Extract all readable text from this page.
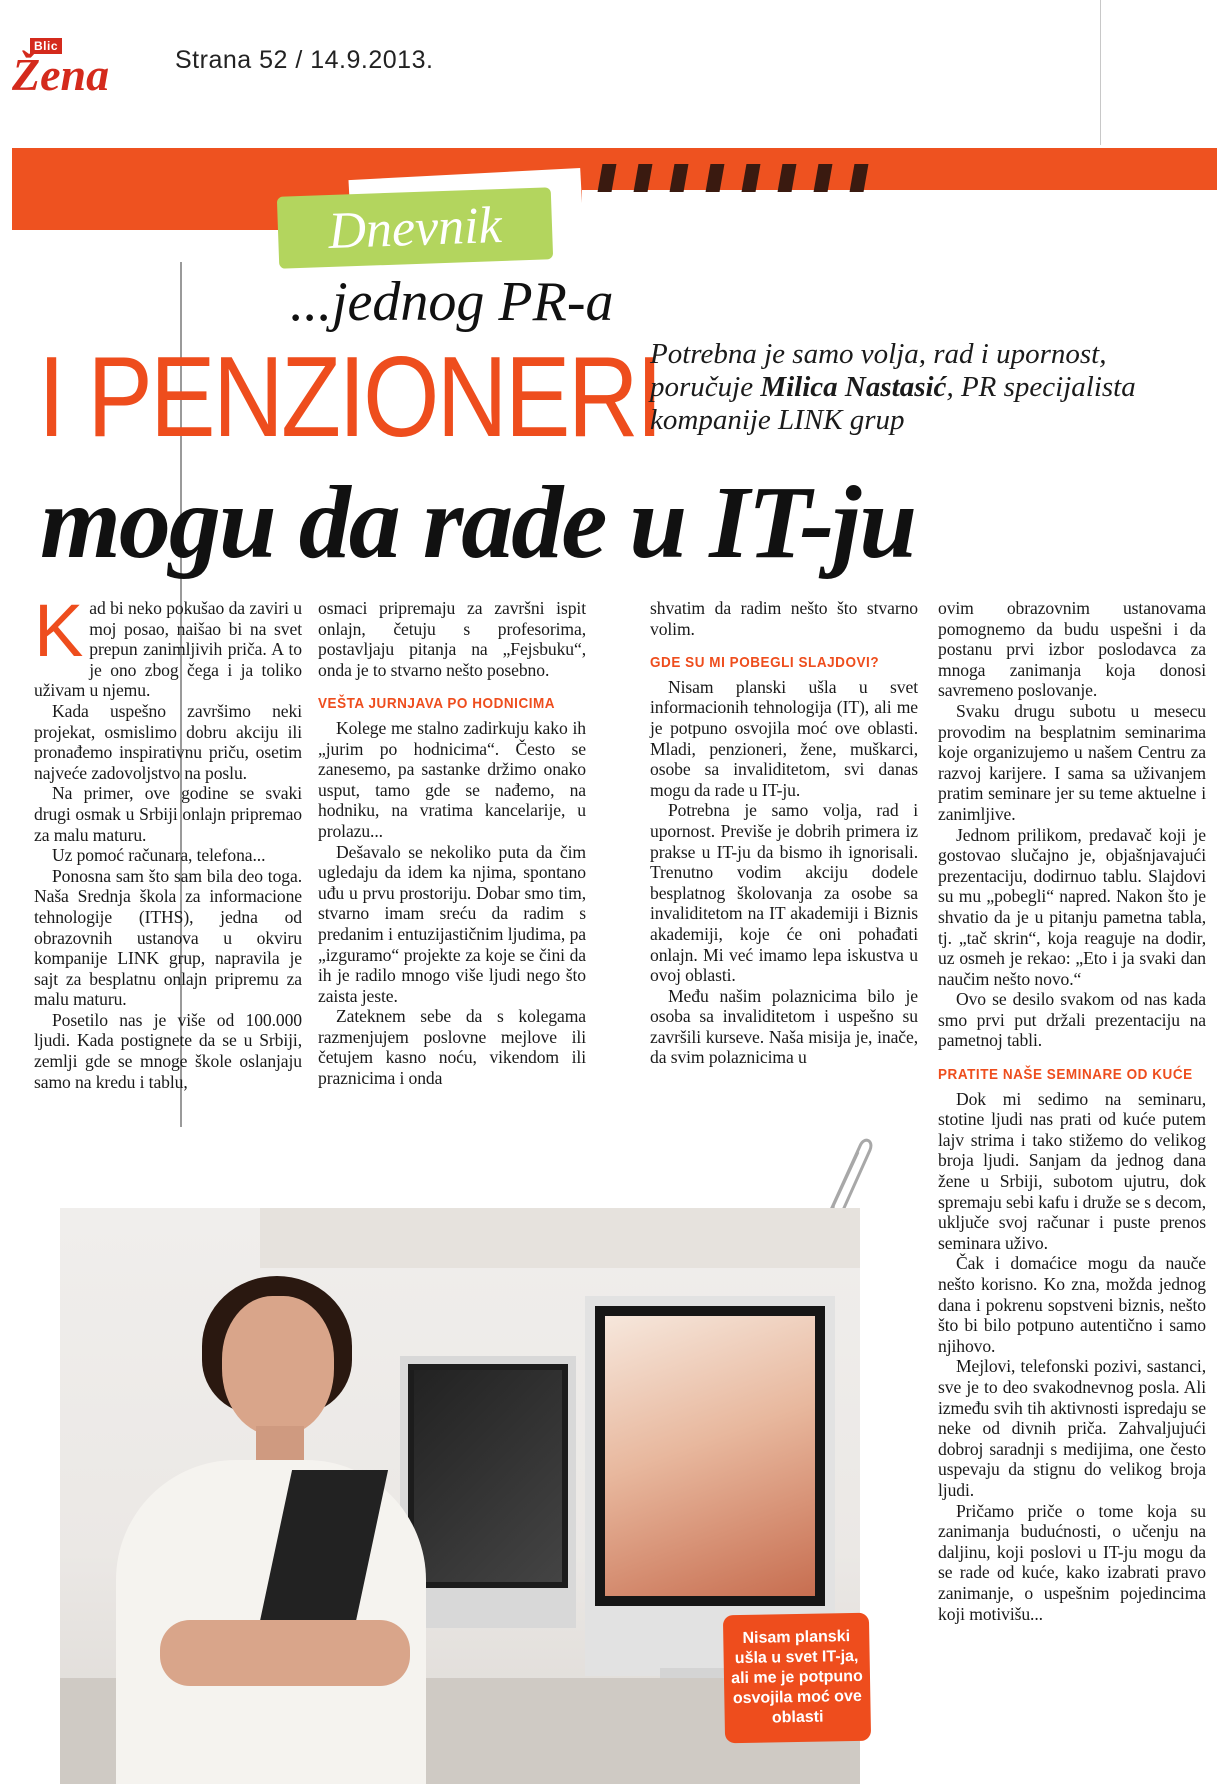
Blic
Žena	Strana 52 / 14.9.2013.
Dnevnik
...jednog PR-a
I PENZIONERI
mogu da rade u IT-ju
Potrebna je samo volja, rad i upornost, poručuje Milica Nastasić, PR specijalista kompanije LINK grup

Kad bi neko pokušao da zaviri u moj posao, naišao bi na svet prepun zanimljivih priča. A to je ono zbog čega i ja toliko uživam u njemu.

Kada uspešno završimo neki projekat, osmislimo dobru akciju ili pronađemo inspirativnu priču, osetim najveće zadovoljstvo na poslu.

Na primer, ove godine se svaki drugi osmak u Srbiji onlajn pripremao za malu maturu.

Uz pomoć računara, telefona...

Ponosna sam što sam bila deo toga. Naša Srednja škola za informacione tehnologije (ITHS), jedna od obrazovnih ustanova u okviru kompanije LINK grup, napravila je sajt za besplatnu onlajn pripremu za malu maturu.

Posetilo nas je više od 100.000 ljudi. Kada postignete da se u Srbiji, zemlji gde se mnoge škole oslanjaju samo na kredu i tablu,

osmaci pripremaju za završni ispit onlajn, četuju s profesorima, postavljaju pitanja na „Fejsbuku“, onda je to stvarno nešto posebno.

VEŠTA JURNJAVA PO HODNICIMA

Kolege me stalno zadirkuju kako ih „jurim po hodnicima“. Često se zanesemo, pa sastanke držimo onako usput, tamo gde se nađemo, na hodniku, na vratima kancelarije, u prolazu...

Dešavalo se nekoliko puta da čim ugledaju da idem ka njima, spontano uđu u prvu prostoriju. Dobar smo tim, stvarno imam sreću da radim s predanim i entuzijastičnim ljudima, pa „izguramo“ projekte za koje se čini da ih je radilo mnogo više ljudi nego što zaista jeste.

Zateknem sebe da s kolegama razmenjujem poslovne mejlove ili četujem kasno noću, vikendom ili praznicima i onda

shvatim da radim nešto što stvarno volim.

GDE SU MI POBEGLI SLAJDOVI?

Nisam planski ušla u svet informacionih tehnologija (IT), ali me je potpuno osvojila moć ove oblasti. Mladi, penzioneri, žene, muškarci, osobe sa invaliditetom, svi danas mogu da rade u IT-ju.

Potrebna je samo volja, rad i upornost. Previše je dobrih primera iz prakse u IT-ju da bismo ih ignorisali. Trenutno vodim akciju dodele besplatnog školovanja za osobe sa invaliditetom na IT akademiji i Biznis akademiji, koje će oni pohađati onlajn. Mi već imamo lepa iskustva u ovoj oblasti.

Među našim polaznicima bilo je osoba sa invaliditetom i uspešno su završili kurseve. Naša misija je, inače, da svim polaznicima u

ovim obrazovnim ustanovama pomognemo da budu uspešni i da postanu prvi izbor poslodavca za mnoga zanimanja koja donosi savremeno poslovanje.

Svaku drugu subotu u mesecu provodim na besplatnim seminarima koje organizujemo u našem Centru za razvoj karijere. I sama sa uživanjem pratim seminare jer su teme aktuelne i zanimljive.

Jednom prilikom, predavač koji je gostovao slučajno je, objašnjavajući prezentaciju, dodirnuo tablu. Slajdovi su mu „pobegli“ napred. Nakon što je shvatio da je u pitanju pametna tabla, tj. „tač skrin“, koja reaguje na dodir, uz osmeh je rekao: „Eto i ja svaki dan naučim nešto novo.“

Ovo se desilo svakom od nas kada smo prvi put držali prezentaciju na pametnoj tabli.

PRATITE NAŠE SEMINARE OD KUĆE

Dok mi sedimo na seminaru, stotine ljudi nas prati od kuće putem lajv strima i tako stižemo do velikog broja ljudi. Sanjam da jednog dana žene u Srbiji, subotom ujutru, dok spremaju sebi kafu i druže se s decom, uključe svoj računar i puste prenos seminara uživo.

Čak i domaćice mogu da nauče nešto korisno. Ko zna, možda jednog dana i pokrenu sopstveni biznis, nešto što bi bilo potpuno autentično i samo njihovo.

Mejlovi, telefonski pozivi, sastanci, sve je to deo svakodnevnog posla. Ali između svih tih aktivnosti ispredaju se neke od divnih priča. Zahvaljujući dobroj saradnji s medijima, one često uspevaju da stignu do velikog broja ljudi.

Pričamo priče o tome koja su zanimanja budućnosti, o učenju na daljinu, koji poslovi u IT-ju mogu da se rade od kuće, kako izabrati pravo zanimanje, o uspešnim pojedincima koji motivišu...

Nisam planski ušla u svet IT-ja, ali me je potpuno osvojila moć ove oblasti
